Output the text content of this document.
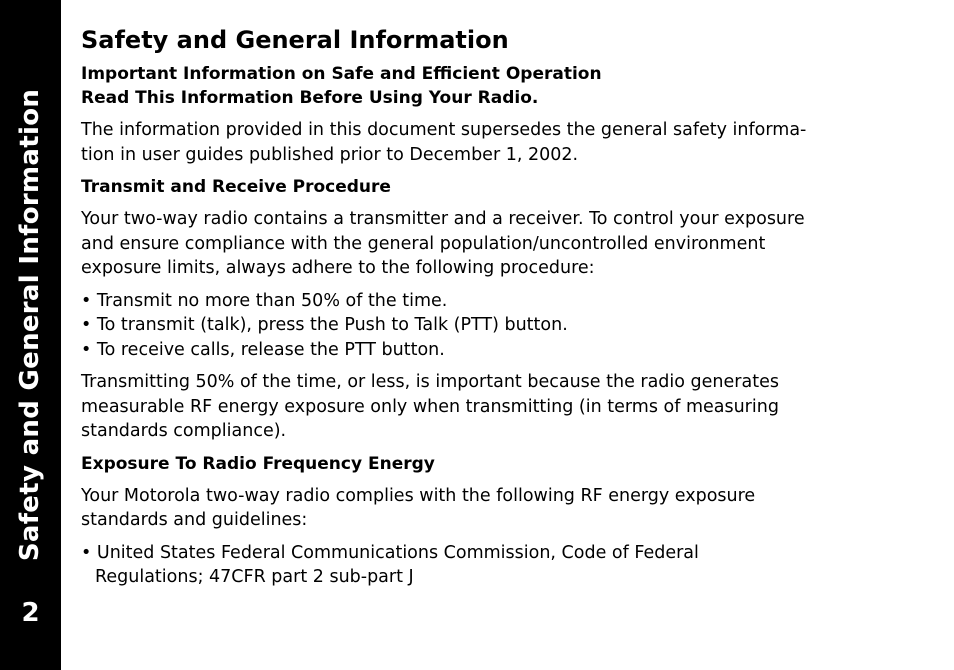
Safety and General Information
2
Safety and General Information
Important Information on Safe and Efficient Operation
Read This Information Before Using Your Radio.
The information provided in this document supersedes the general safety informa-
tion in user guides published prior to December 1, 2002.
Transmit and Receive Procedure
Your two-way radio contains a transmitter and a receiver. To control your exposure
and ensure compliance with the general population/uncontrolled environment
exposure limits, always adhere to the following procedure:
• Transmit no more than 50% of the time.
• To transmit (talk), press the Push to Talk (PTT) button.
• To receive calls, release the PTT button.
Transmitting 50% of the time, or less, is important because the radio generates
measurable RF energy exposure only when transmitting (in terms of measuring
standards compliance).
Exposure To Radio Frequency Energy
Your Motorola two-way radio complies with the following RF energy exposure
standards and guidelines:
• United States Federal Communications Commission, Code of Federal
Regulations; 47CFR part 2 sub-part J
